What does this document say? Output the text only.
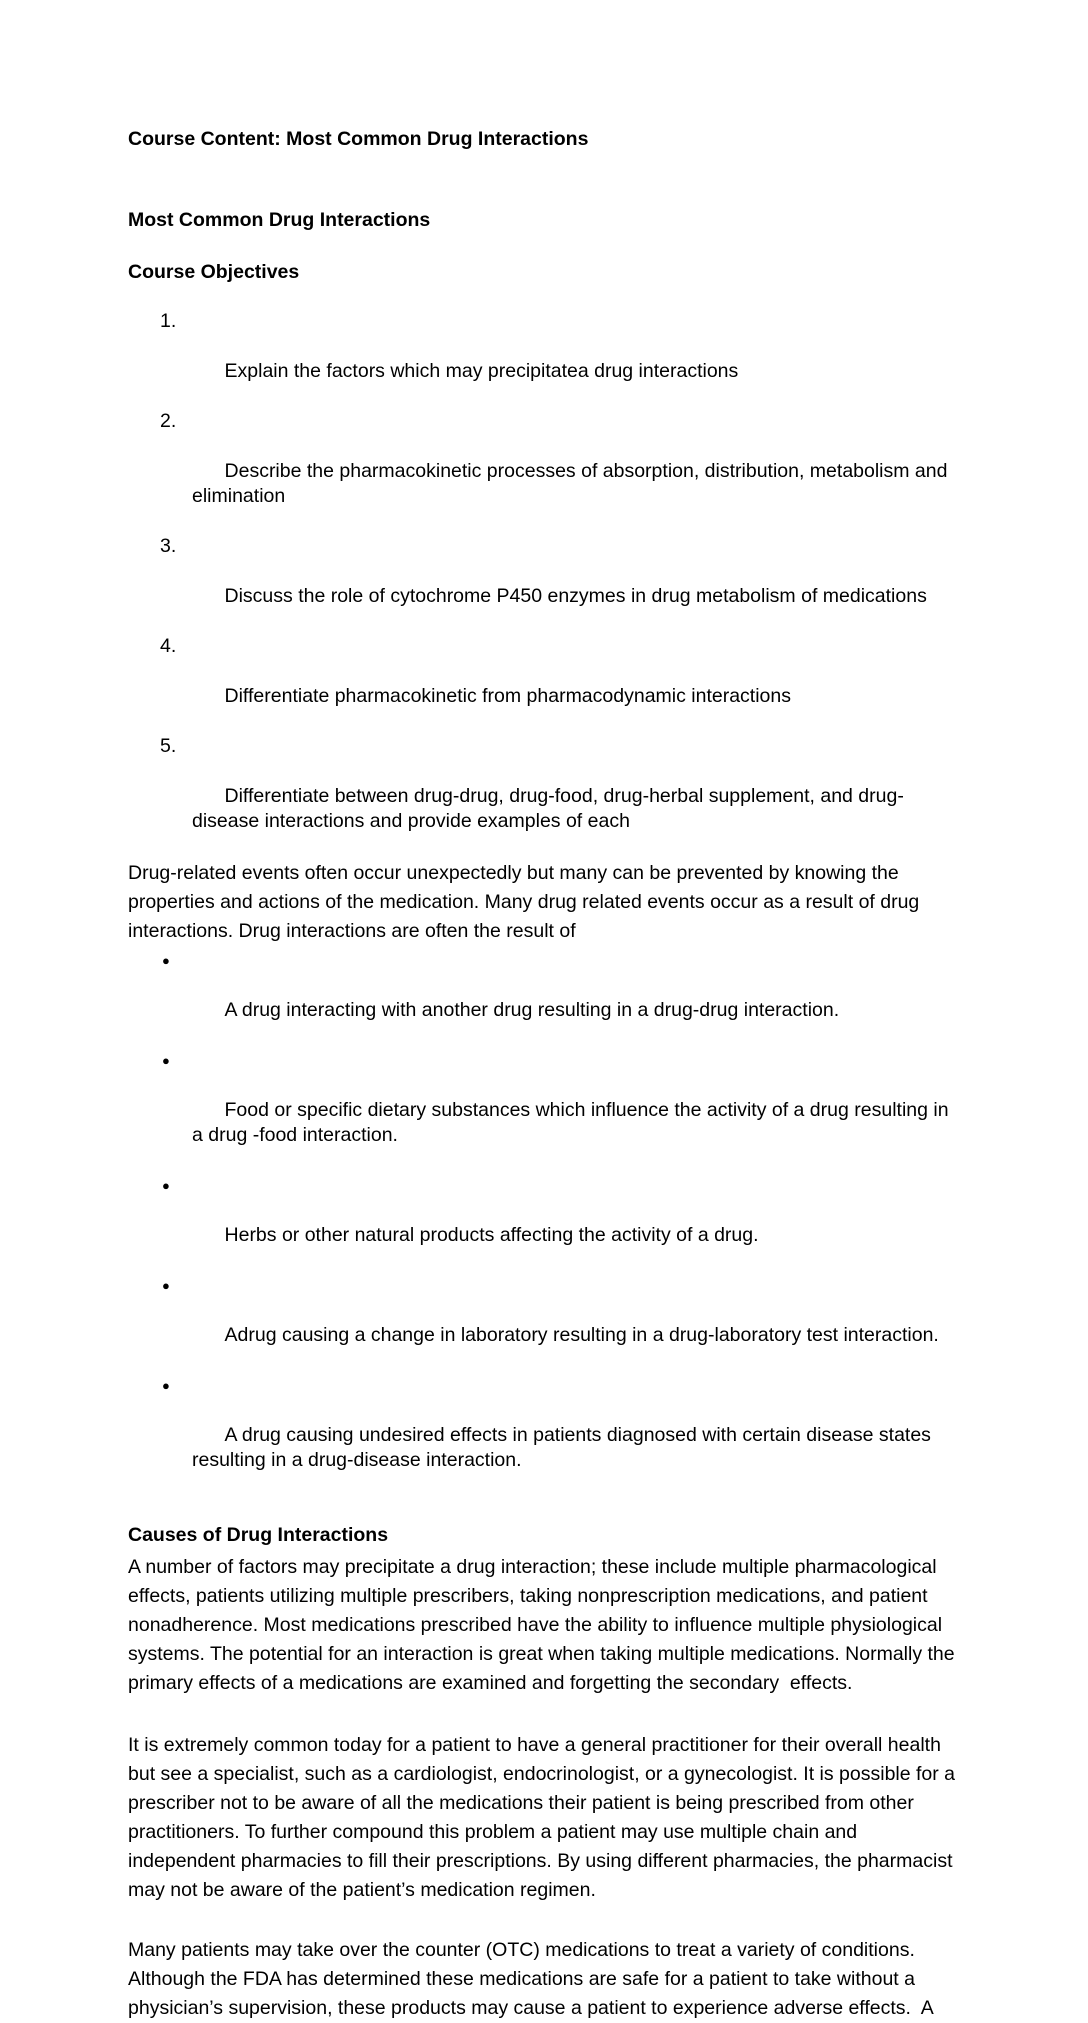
Course Content: Most Common Drug Interactions
Most Common Drug Interactions
Course Objectives

1.

Explain the factors which may precipitatea drug interactions

2.

Describe the pharmacokinetic processes of absorption, distribution, metabolism and elimination

3.

Discuss the role of cytochrome P450 enzymes in drug metabolism of medications

4.

Differentiate pharmacokinetic from pharmacodynamic interactions

5.

Differentiate between drug-drug, drug-food, drug-herbal supplement, and drug-disease interactions and provide examples of each

Drug-related events often occur unexpectedly but many can be prevented by knowing the properties and actions of the medication. Many drug related events occur as a result of drug interactions. Drug interactions are often the result of

●

A drug interacting with another drug resulting in a drug-drug interaction.

●

Food or specific dietary substances which influence the activity of a drug resulting in a drug -food interaction.

●

Herbs or other natural products affecting the activity of a drug.

●

Adrug causing a change in laboratory resulting in a drug-laboratory test interaction.

●

A drug causing undesired effects in patients diagnosed with certain disease states resulting in a drug-disease interaction.

Causes of Drug Interactions

A number of factors may precipitate a drug interaction; these include multiple pharmacological effects, patients utilizing multiple prescribers, taking nonprescription medications, and patient nonadherence. Most medications prescribed have the ability to influence multiple physiological systems. The potential for an interaction is great when taking multiple medications. Normally the primary effects of a medications are examined and forgetting the secondary  effects.

It is extremely common today for a patient to have a general practitioner for their overall health but see a specialist, such as a cardiologist, endocrinologist, or a gynecologist. It is possible for a prescriber not to be aware of all the medications their patient is being prescribed from other practitioners. To further compound this problem a patient may use multiple chain and independent pharmacies to fill their prescriptions. By using different pharmacies, the pharmacist may not be aware of the patient’s medication regimen.

Many patients may take over the counter (OTC) medications to treat a variety of conditions. Although the FDA has determined these medications are safe for a patient to take without a physician’s supervision, these products may cause a patient to experience adverse effects.  A
